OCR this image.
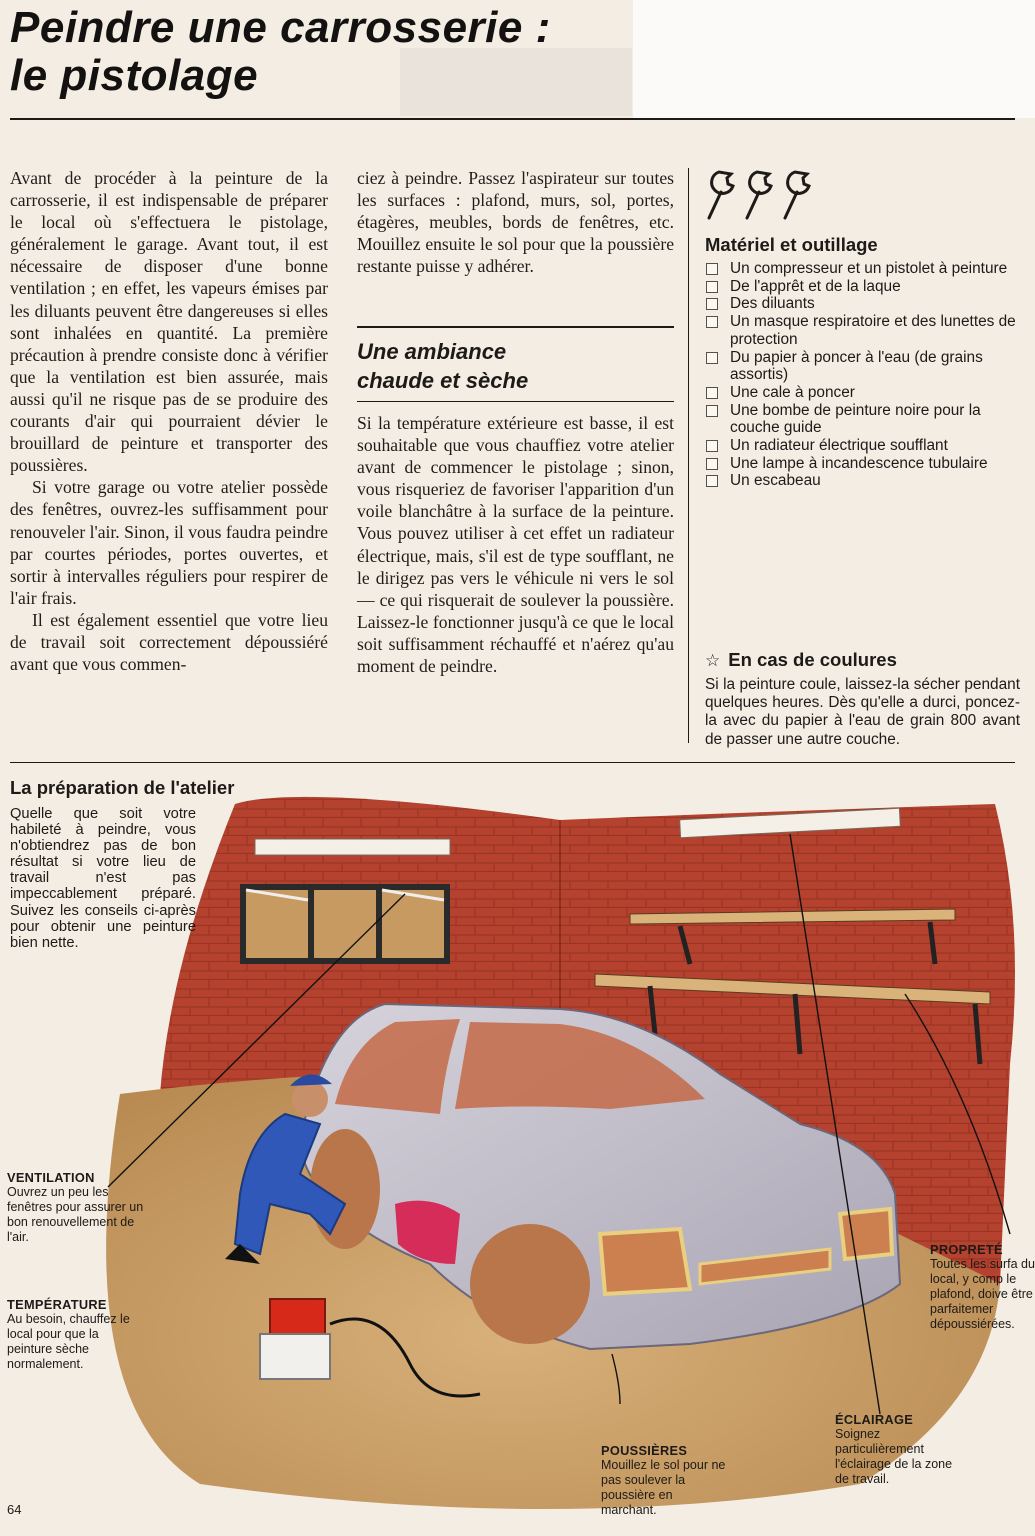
Peindre une carrosserie :
le pistolage

Avant de procéder à la peinture de la carrosserie, il est indispensable de préparer le local où s'effectuera le pistolage, généralement le garage. Avant tout, il est nécessaire de disposer d'une bonne ventilation ; en effet, les vapeurs émises par les diluants peuvent être dangereuses si elles sont inhalées en quantité. La première précaution à prendre consiste donc à vérifier que la ventilation est bien assurée, mais aussi qu'il ne risque pas de se produire des courants d'air qui pourraient dévier le brouillard de peinture et transporter des poussières.

Si votre garage ou votre atelier possède des fenêtres, ouvrez-les suffisamment pour renouveler l'air. Sinon, il vous faudra peindre par courtes périodes, portes ouvertes, et sortir à intervalles réguliers pour respirer de l'air frais.

Il est également essentiel que votre lieu de travail soit correctement dépoussiéré avant que vous commen-

ciez à peindre. Passez l'aspirateur sur toutes les surfaces : plafond, murs, sol, portes, étagères, meubles, bords de fenêtres, etc. Mouillez ensuite le sol pour que la poussière restante puisse y adhérer.

Une ambiance
chaude et sèche

Si la température extérieure est basse, il est souhaitable que vous chauffiez votre atelier avant de commencer le pistolage ; sinon, vous risqueriez de favoriser l'apparition d'un voile blanchâtre à la surface de la peinture. Vous pouvez utiliser à cet effet un radiateur électrique, mais, s'il est de type soufflant, ne le dirigez pas vers le véhicule ni vers le sol — ce qui risquerait de soulever la poussière. Laissez-le fonctionner jusqu'à ce que le local soit suffisamment réchauffé et n'aérez qu'au moment de peindre.

Matériel et outillage
Un compresseur et un pistolet à peinture
De l'apprêt et de la laque
Des diluants
Un masque respiratoire et des lunettes de protection
Du papier à poncer à l'eau (de grains assortis)
Une cale à poncer
Une bombe de peinture noire pour la couche guide
Un radiateur électrique soufflant
Une lampe à incandescence tubulaire
Un escabeau
☆ En cas de coulures
Si la peinture coule, laissez-la sécher pendant quelques heures. Dès qu'elle a durci, poncez-la avec du papier à l'eau de grain 800 avant de passer une autre couche.
La préparation de l'atelier
Quelle que soit votre habileté à peindre, vous n'obtiendrez pas de bon résultat si votre lieu de travail n'est pas impeccablement préparé. Suivez les conseils ci-après pour obtenir une peinture bien nette.
VENTILATION
Ouvrez un peu les fenêtres pour assurer un bon renouvellement de l'air.
TEMPÉRATURE
Au besoin, chauffez le local pour que la peinture sèche normalement.
POUSSIÈRES
Mouillez le sol pour ne pas soulever la poussière en marchant.
ÉCLAIRAGE
Soignez particulièrement l'éclairage de la zone de travail.
PROPRETÉ
Toutes les surfa du local, y comp le plafond, doive être parfaitemer dépoussiérées.
64
